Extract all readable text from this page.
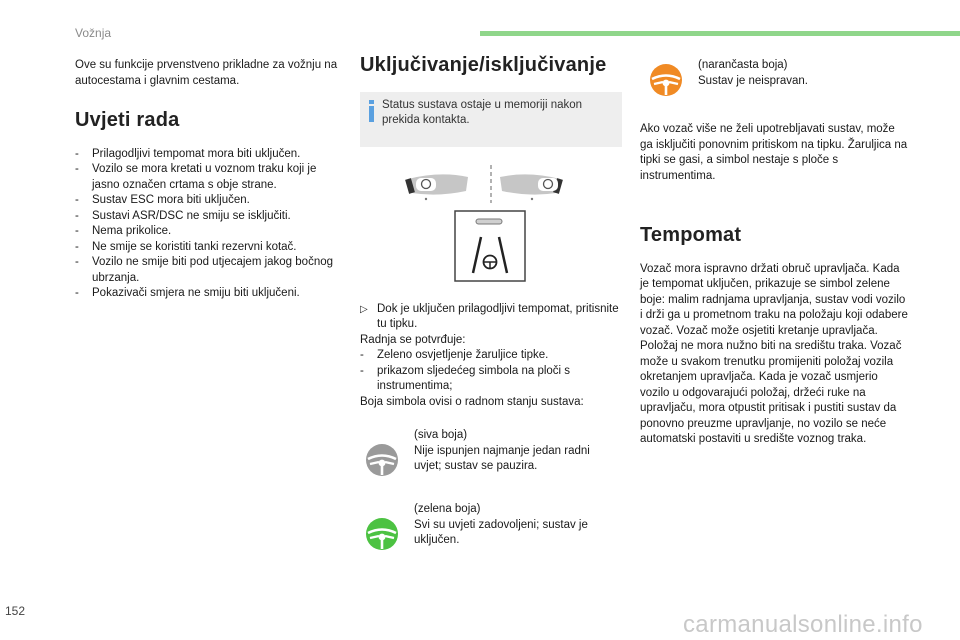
Vožnja

Ove su funkcije prvenstveno prikladne za vožnju na autocestama i glavnim cestama.

Uvjeti rada
- Prilagodljivi tempomat mora biti uključen.
- Vozilo se mora kretati u voznom traku koji je jasno označen crtama s obje strane.
- Sustav ESC mora biti uključen.
- Sustavi ASR/DSC ne smiju se isključiti.
- Nema prikolice.
- Ne smije se koristiti tanki rezervni kotač.
- Vozilo ne smije biti pod utjecajem jakog bočnog ubrzanja.
- Pokazivači smjera ne smiju biti uključeni.
Uključivanje/isključivanje
Status sustava ostaje u memoriji nakon prekida kontakta.
▷ Dok je uključen prilagodljivi tempomat, pritisnite tu tipku.

Radnja se potvrđuje:

- Zeleno osvjetljenje žaruljice tipke.
- prikazom sljedećeg simbola na ploči s instrumentima;

Boja simbola ovisi o radnom stanju sustava:

(siva boja)
Nije ispunjen najmanje jedan radni uvjet; sustav se pauzira.
(zelena boja)
Svi su uvjeti zadovoljeni; sustav je uključen.
(narančasta boja)
Sustav je neispravan.

Ako vozač više ne želi upotrebljavati sustav, može ga isključiti ponovnim pritiskom na tipku. Žaruljica na tipki se gasi, a simbol nestaje s ploče s instrumentima.

Tempomat

Vozač mora ispravno držati obruč upravljača. Kada je tempomat uključen, prikazuje se simbol zelene boje: malim radnjama upravljanja, sustav vodi vozilo i drži ga u prometnom traku na položaju koji odabere vozač. Vozač može osjetiti kretanje upravljača. Položaj ne mora nužno biti na središtu traka. Vozač može u svakom trenutku promijeniti položaj vozila okretanjem upravljača. Kada je vozač usmjerio vozilo u odgovarajući položaj, držeći ruke na upravljaču, mora otpustit pritisak i pustiti sustav da ponovno preuzme upravljanje, no vozilo se neće automatski postaviti u središte voznog traka.

152	carmanualsonline.info
